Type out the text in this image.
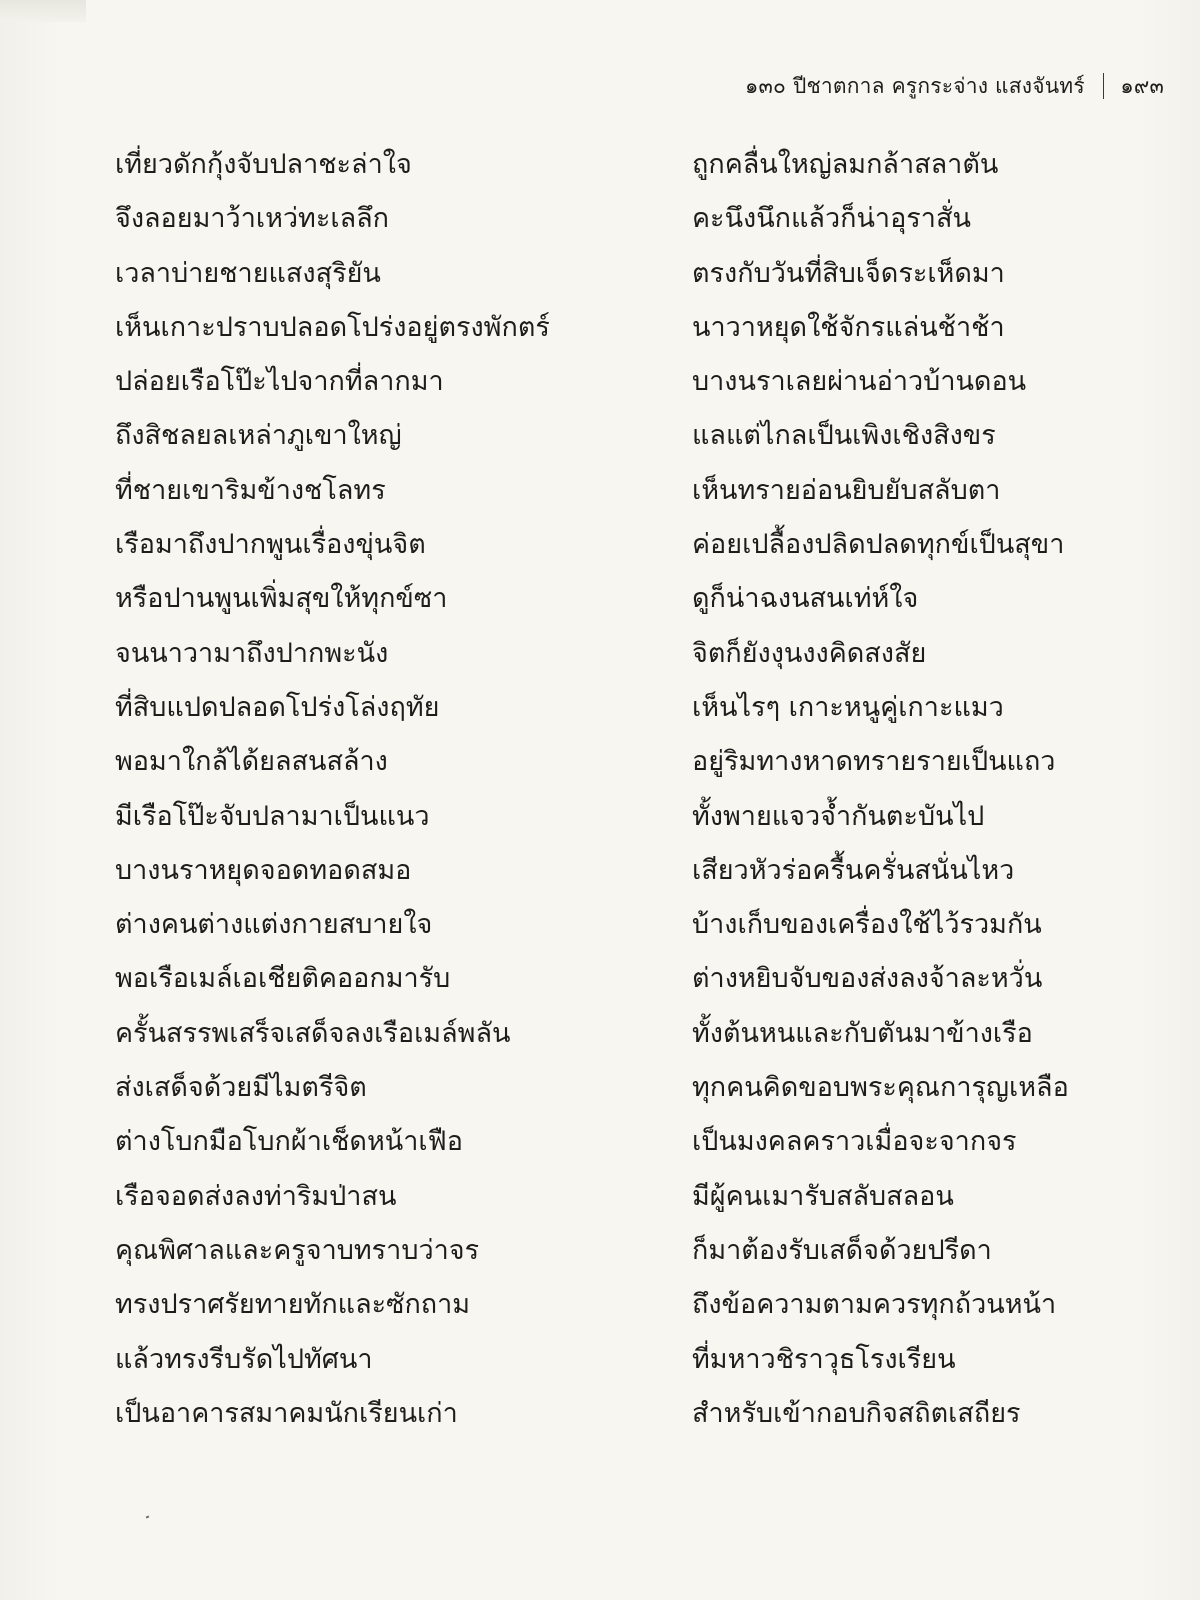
๑๓๐ ปีชาตกาล ครูกระจ่าง แสงจันทร์ ๑๙๓
เที่ยวดักกุ้งจับปลาชะล่าใจ	ถูกคลื่นใหญ่ลมกล้าสลาตัน
จึงลอยมาว้าเหว่ทะเลลึก	คะนึงนึกแล้วก็น่าอุราสั่น
เวลาบ่ายชายแสงสุริยัน	ตรงกับวันที่สิบเจ็ดระเห็ดมา
เห็นเกาะปราบปลอดโปร่งอยู่ตรงพักตร์	นาวาหยุดใช้จักรแล่นช้าช้า
ปล่อยเรือโป๊ะไปจากที่ลากมา	บางนราเลยผ่านอ่าวบ้านดอน
ถึงสิชลยลเหล่าภูเขาใหญ่	แลแต่ไกลเป็นเพิงเชิงสิงขร
ที่ชายเขาริมข้างชโลทร	เห็นทรายอ่อนยิบยับสลับตา
เรือมาถึงปากพูนเรื่องขุ่นจิต	ค่อยเปลื้องปลิดปลดทุกข์เป็นสุขา
หรือปานพูนเพิ่มสุขให้ทุกข์ซา	ดูก็น่าฉงนสนเท่ห์ใจ
จนนาวามาถึงปากพะนัง	จิตก็ยังงุนงงคิดสงสัย
ที่สิบแปดปลอดโปร่งโล่งฤทัย	เห็นไรๆ เกาะหนูคู่เกาะแมว
พอมาใกล้ได้ยลสนสล้าง	อยู่ริมทางหาดทรายรายเป็นแถว
มีเรือโป๊ะจับปลามาเป็นแนว	ทั้งพายแจวจ้ำกันตะบันไป
บางนราหยุดจอดทอดสมอ	เสียวหัวร่อครื้นครั่นสนั่นไหว
ต่างคนต่างแต่งกายสบายใจ	บ้างเก็บของเครื่องใช้ไว้รวมกัน
พอเรือเมล์เอเชียติคออกมารับ	ต่างหยิบจับของส่งลงจ้าละหวั่น
ครั้นสรรพเสร็จเสด็จลงเรือเมล์พลัน	ทั้งต้นหนและกับตันมาข้างเรือ
ส่งเสด็จด้วยมีไมตรีจิต	ทุกคนคิดขอบพระคุณการุญเหลือ
ต่างโบกมือโบกผ้าเช็ดหน้าเฟือ	เป็นมงคลคราวเมื่อจะจากจร
เรือจอดส่งลงท่าริมป่าสน	มีผู้คนเมารับสลับสลอน
คุณพิศาลและครูจาบทราบว่าจร	ก็มาต้องรับเสด็จด้วยปรีดา
ทรงปราศรัยทายทักและซักถาม	ถึงข้อความตามควรทุกถ้วนหน้า
แล้วทรงรีบรัดไปทัศนา	ที่มหาวชิราวุธโรงเรียน
เป็นอาคารสมาคมนักเรียนเก่า	สำหรับเข้ากอบกิจสถิตเสถียร
